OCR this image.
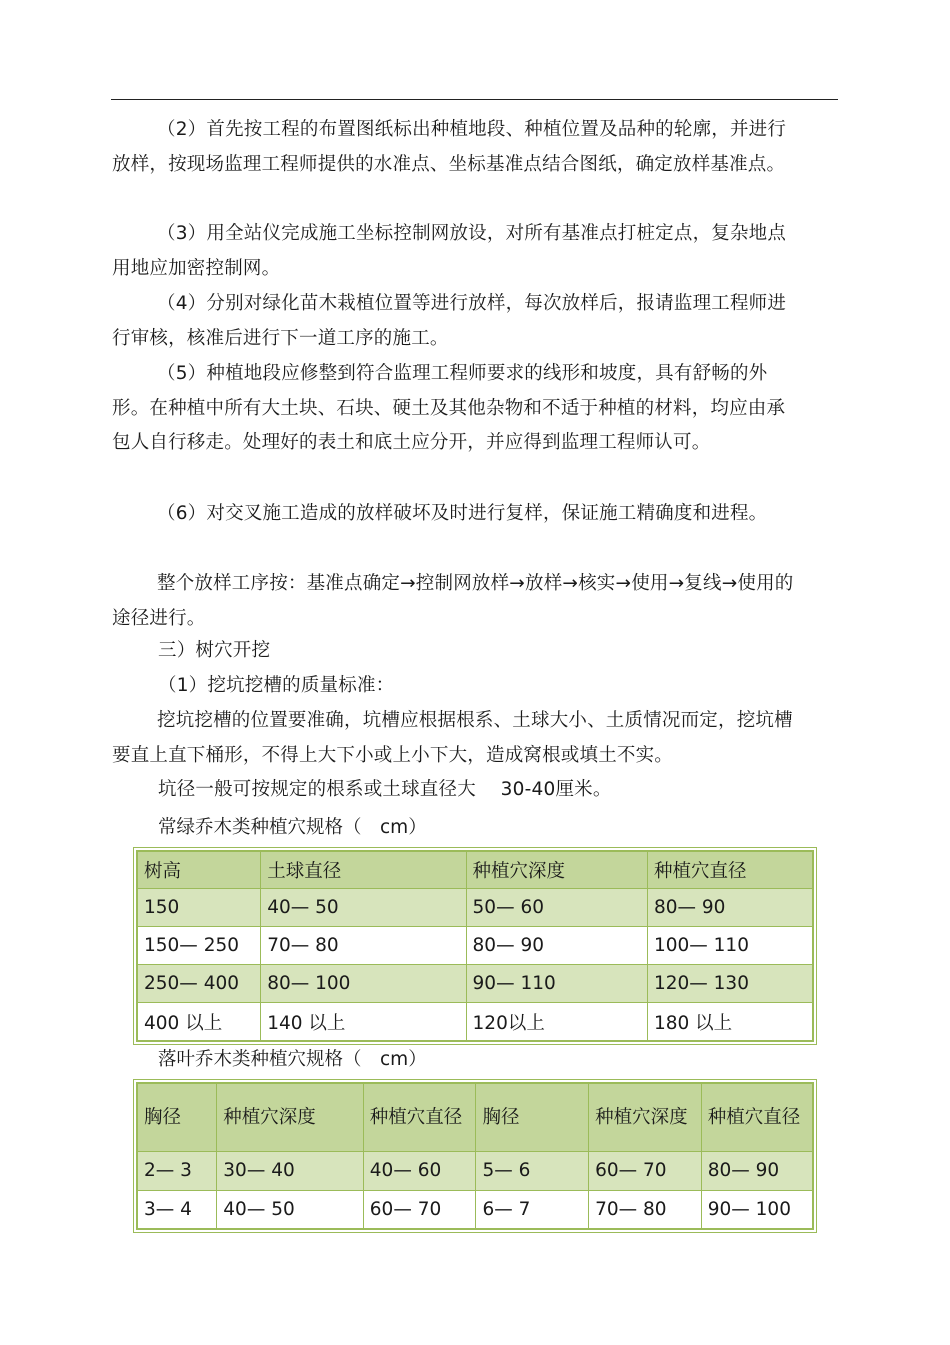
（2）首先按工程的布置图纸标出种植地段、种植位置及品种的轮廓，并进行放样，按现场监理工程师提供的水准点、坐标基准点结合图纸，确定放样基准点。

（3）用全站仪完成施工坐标控制网放设，对所有基准点打桩定点，复杂地点用地应加密控制网。

（4）分别对绿化苗木栽植位置等进行放样，每次放样后，报请监理工程师进行审核，核准后进行下一道工序的施工。

（5）种植地段应修整到符合监理工程师要求的线形和坡度，具有舒畅的外形。在种植中所有大土块、石块、硬土及其他杂物和不适于种植的材料，均应由承包人自行移走。处理好的表土和底土应分开，并应得到监理工程师认可。

（6）对交叉施工造成的放样破坏及时进行复样，保证施工精确度和进程。

整个放样工序按：基准点确定→控制网放样→放样→核实→使用→复线→使用的途径进行。

三）树穴开挖

（1）挖坑挖槽的质量标准：

挖坑挖槽的位置要准确，坑槽应根据根系、土球大小、土质情况而定，挖坑槽要直上直下桶形，不得上大下小或上小下大，造成窝根或填土不实。

坑径一般可按规定的根系或土球直径大　 30-40厘米。

常绿乔木类种植穴规格（　cm）

树高	土球直径	种植穴深度	种植穴直径
150	40— 50	50— 60	80— 90
150— 250	70— 80	80— 90	100— 110
250— 400	80— 100	90— 110	120— 130
400 以上	140 以上	120以上	180 以上

落叶乔木类种植穴规格（　cm）

胸径	种植穴深度	种植穴直径	胸径	种植穴深度	种植穴直径
2— 3	30— 40	40— 60	5— 6	60— 70	80— 90
3— 4	40— 50	60— 70	6— 7	70— 80	90— 100
